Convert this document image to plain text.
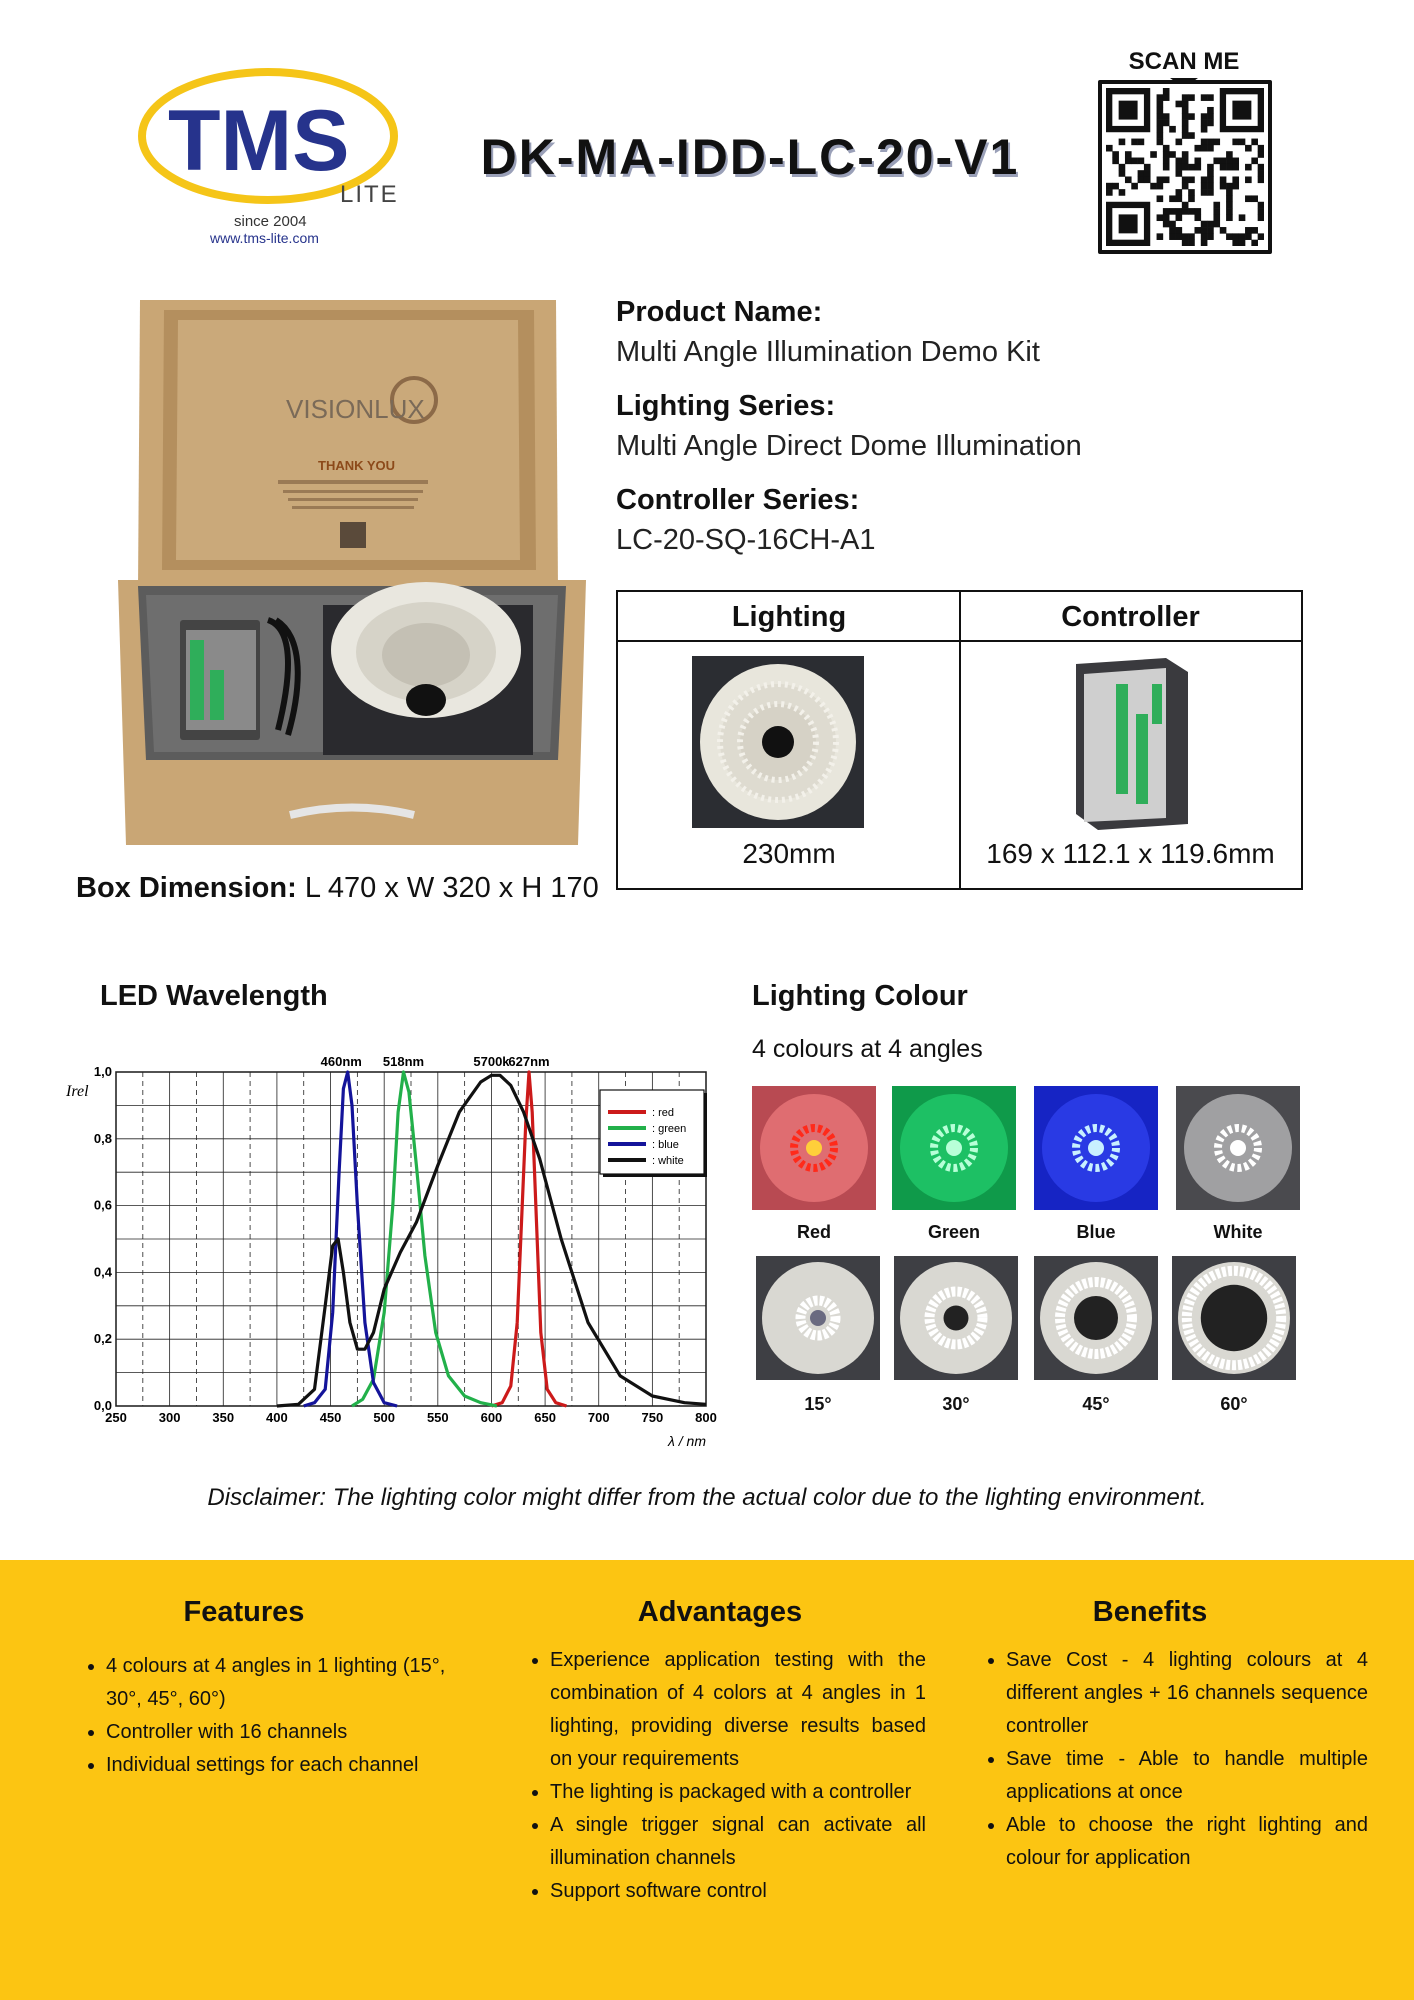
TMS
LITE
since 2004
www.tms-lite.com
DK-MA-IDD-LC-20-V1
SCAN ME
VISIONLUX
THANK YOU
Box Dimension: L 470 x W 320 x H 170
Product Name:
Multi Angle Illumination Demo Kit
Lighting Series:
Multi Angle Direct Dome Illumination
Controller Series:
LC-20-SQ-16CH-A1
Lighting	Controller
230mm	169 x 112.1 x 119.6mm
LED Wavelength
250 300 350 400 450 500 550 600 650 700 750 800
0,0
0,2
0,4
0,6
0,8
1,0
λ / nm
Irel
460nm 518nm	5700k
627nm
: red
: green
: blue
: white
Lighting Colour
4 colours at 4 angles
Red	Green	Blue	White
15°	30°	45°	60°
Disclaimer: The lighting color might differ from the actual color due to the lighting environment.
Features
• 4 colours at 4 angles in 1 lighting (15°, 30°, 45°, 60°)
• Controller with 16 channels
• Individual settings for each channel
Advantages
• Experience application testing with the combination of 4 colors at 4 angles in 1 lighting, providing diverse results based on your requirements
• The lighting is packaged with a controller
• A single trigger signal can activate all illumination channels
• Support software control
Benefits
• Save Cost - 4 lighting colours at 4 different angles + 16 channels sequence controller
• Save time - Able to handle multiple applications at once
• Able to choose the right lighting and colour for application
